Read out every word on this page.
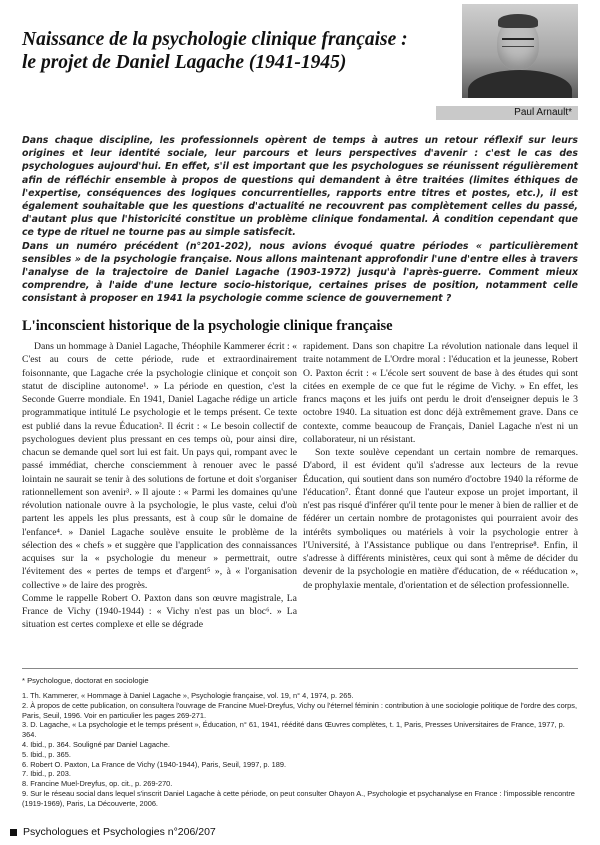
Naissance de la psychologie clinique française :
le projet de Daniel Lagache (1941-1945)
Paul Arnault*

Dans chaque discipline, les professionnels opèrent de temps à autres un retour réflexif sur leurs origines et leur identité sociale, leur parcours et leurs perspectives d'avenir : c'est le cas des psychologues aujourd'hui. En effet, s'il est important que les psychologues se réunissent régulièrement afin de réfléchir ensemble à propos de questions qui demandent à être traitées (limites éthiques de l'expertise, conséquences des logiques concurrentielles, rapports entre titres et postes, etc.), il est également souhaitable que les questions d'actualité ne recouvrent pas complètement celles du passé, d'autant plus que l'historicité constitue un problème clinique fondamental. À condition cependant que ce type de rituel ne tourne pas au simple satisfecit.

Dans un numéro précédent (n°201-202), nous avions évoqué quatre périodes « particulièrement sensibles » de la psychologie française. Nous allons maintenant approfondir l'une d'entre elles à travers l'analyse de la trajectoire de Daniel Lagache (1903-1972) jusqu'à l'après-guerre. Comment mieux comprendre, à l'aide d'une lecture socio-historique, certaines prises de position, notamment celle consistant à proposer en 1941 la psychologie comme science de gouvernement ?

L'inconscient historique de la psychologie clinique française

Dans un hommage à Daniel Lagache, Théophile Kammerer écrit : « C'est au cours de cette période, rude et extraordinairement foisonnante, que Lagache crée la psychologie clinique et conçoit son statut de discipline autonome¹. » La période en question, c'est la Seconde Guerre mondiale. En 1941, Daniel Lagache rédige un article programmatique intitulé Le psychologie et le temps présent. Ce texte est publié dans la revue Éducation². Il écrit : « Le besoin collectif de psychologues devient plus pressant en ces temps où, pour ainsi dire, chacun se demande quel sort lui est fait. Un pays qui, rompant avec le passé immédiat, cherche consciemment à renouer avec le passé lointain ne saurait se tenir à des solutions de fortune et doit s'organiser rationnellement son avenir³. » Il ajoute : « Parmi les domaines qu'une révolution nationale ouvre à la psychologie, le plus vaste, celui d'où partent les appels les plus pressants, est à coup sûr le domaine de l'enfance⁴. » Daniel Lagache soulève ensuite le problème de la sélection des « chefs » et suggère que l'application des connaissances acquises sur la « psychologie du meneur » permettrait, outre l'évitement des « pertes de temps et d'argent⁵ », à « l'organisation collective » de laire des progrès.

Comme le rappelle Robert O. Paxton dans son œuvre magistrale, La France de Vichy (1940-1944) : « Vichy n'est pas un bloc⁶. » La situation est certes complexe et elle se dégrade

rapidement. Dans son chapitre La révolution nationale dans lequel il traite notamment de L'Ordre moral : l'éducation et la jeunesse, Robert O. Paxton écrit : « L'école sert souvent de base à des études qui sont citées en exemple de ce que fut le régime de Vichy. » En effet, les francs maçons et les juifs ont perdu le droit d'enseigner depuis le 3 octobre 1940. La situation est donc déjà extrêmement grave. Dans ce contexte, comme beaucoup de Français, Daniel Lagache n'est ni un collaborateur, ni un résistant.

Son texte soulève cependant un certain nombre de remarques. D'abord, il est évident qu'il s'adresse aux lecteurs de la revue Éducation, qui soutient dans son numéro d'octobre 1940 la réforme de l'éducation⁷. Étant donné que l'auteur expose un projet important, il n'est pas risqué d'inférer qu'il tente pour le mener à bien de rallier et de fédérer un certain nombre de protagonistes qui pourraient avoir des intérêts symboliques ou matériels à voir la psychologie entrer à l'Université, à l'Assistance publique ou dans l'entreprise⁸. Enfin, il s'adresse à différents ministères, ceux qui sont à même de décider du devenir de la psychologie en matière d'éducation, de « rééducation », de prophylaxie mentale, d'orientation et de sélection professionnelle.

* Psychologue, doctorat en sociologie
1. Th. Kammerer, « Hommage à Daniel Lagache », Psychologie française, vol. 19, n° 4, 1974, p. 265.
2. À propos de cette publication, on consultera l'ouvrage de Francine Muel-Dreyfus, Vichy ou l'éternel féminin : contribution à une sociologie politique de l'ordre des corps, Paris, Seuil, 1996. Voir en particulier les pages 269-271.
3. D. Lagache, « La psychologie et le temps présent », Éducation, n° 61, 1941, réédité dans Œuvres complètes, t. 1, Paris, Presses Universitaires de France, 1977, p. 364.
4. Ibid., p. 364. Souligné par Daniel Lagache.
5. Ibid., p. 365.
6. Robert O. Paxton, La France de Vichy (1940-1944), Paris, Seuil, 1997, p. 189.
7. Ibid., p. 203.
8. Francine Muel-Dreyfus, op. cit., p. 269-270.
9. Sur le réseau social dans lequel s'inscrit Daniel Lagache à cette période, on peut consulter Ohayon A., Psychologie et psychanalyse en France : l'impossible rencontre (1919-1969), Paris, La Découverte, 2006.
Psychologues et Psychologies n°206/207
